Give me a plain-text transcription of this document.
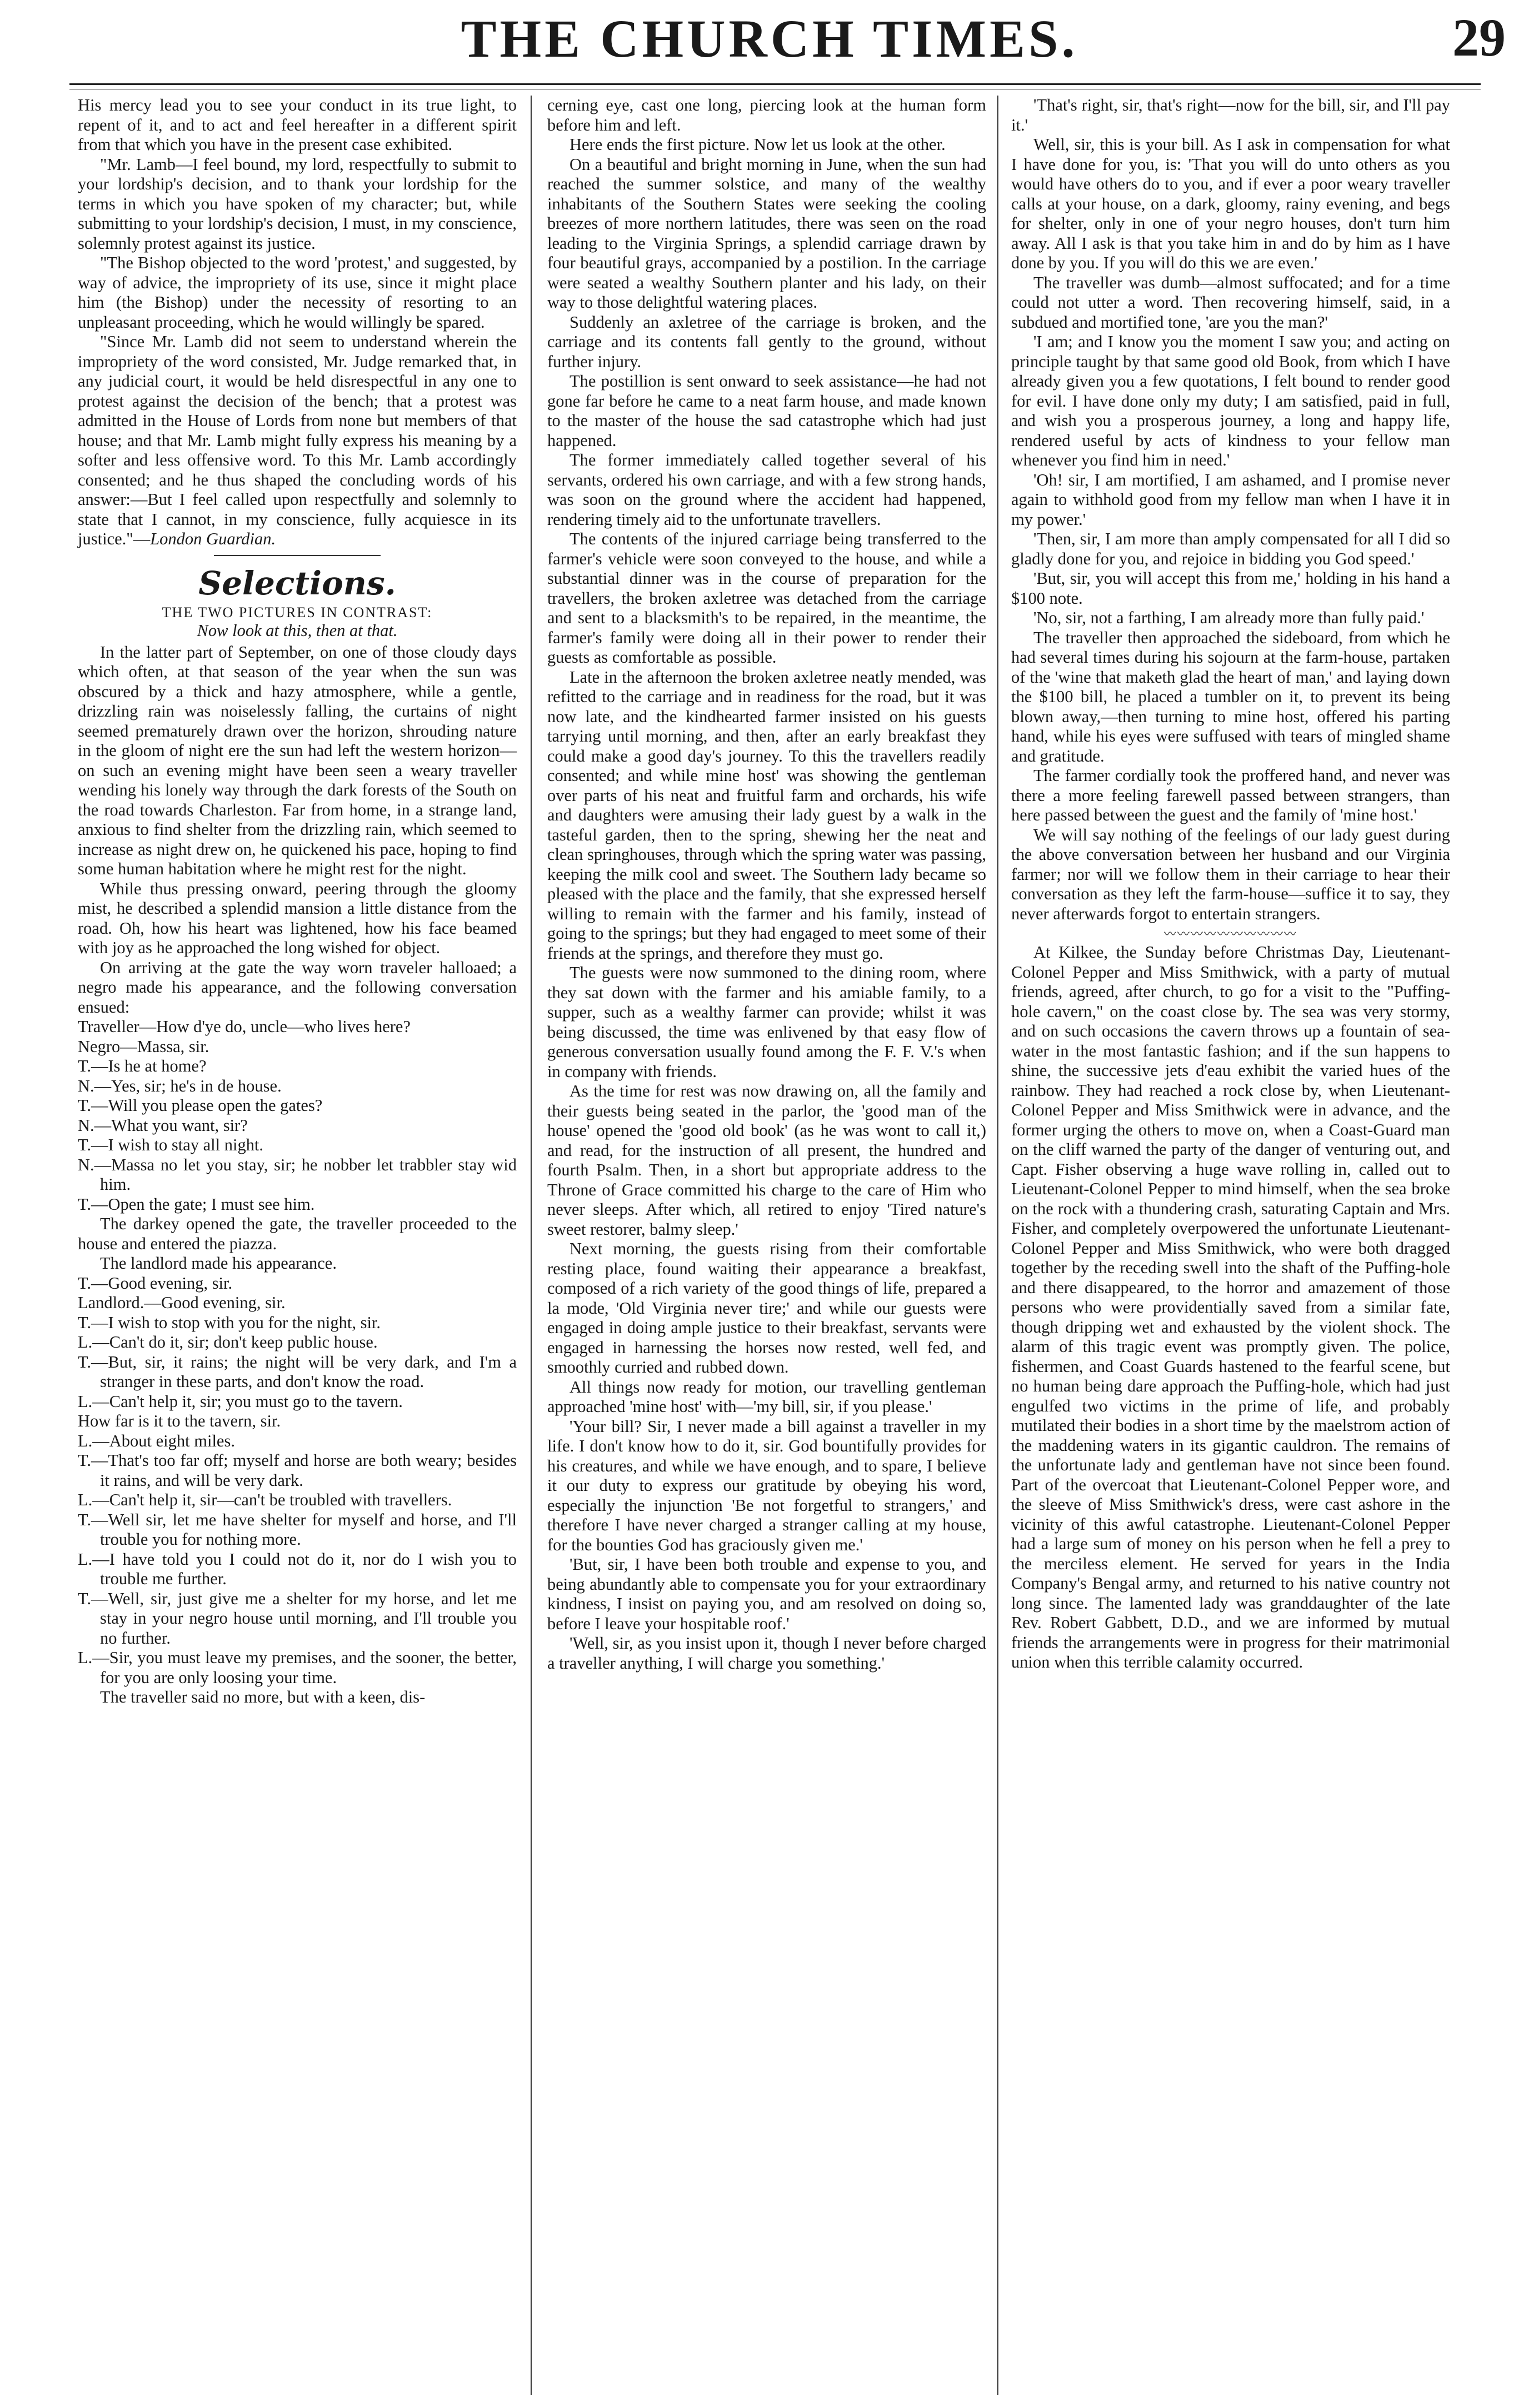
THE CHURCH TIMES.	29

His mercy lead you to see your conduct in its true light, to repent of it, and to act and feel hereafter in a different spirit from that which you have in the present case exhibited.

"Mr. Lamb—I feel bound, my lord, respectfully to submit to your lordship's decision, and to thank your lordship for the terms in which you have spoken of my character; but, while submitting to your lordship's decision, I must, in my conscience, solemnly protest against its justice.

"The Bishop objected to the word 'protest,' and suggested, by way of advice, the impropriety of its use, since it might place him (the Bishop) under the necessity of resorting to an unpleasant proceeding, which he would willingly be spared.

"Since Mr. Lamb did not seem to understand wherein the impropriety of the word consisted, Mr. Judge remarked that, in any judicial court, it would be held disrespectful in any one to protest against the decision of the bench; that a protest was admitted in the House of Lords from none but members of that house; and that Mr. Lamb might fully express his meaning by a softer and less offensive word. To this Mr. Lamb accordingly consented; and he thus shaped the concluding words of his answer:—But I feel called upon respectfully and solemnly to state that I cannot, in my conscience, fully acquiesce in its justice."—London Guardian.

Selections.
THE TWO PICTURES IN CONTRAST:
Now look at this, then at that.

In the latter part of September, on one of those cloudy days which often, at that season of the year when the sun was obscured by a thick and hazy atmosphere, while a gentle, drizzling rain was noiselessly falling, the curtains of night seemed prematurely drawn over the horizon, shrouding nature in the gloom of night ere the sun had left the western horizon—on such an evening might have been seen a weary traveller wending his lonely way through the dark forests of the South on the road towards Charleston. Far from home, in a strange land, anxious to find shelter from the drizzling rain, which seemed to increase as night drew on, he quickened his pace, hoping to find some human habitation where he might rest for the night.

While thus pressing onward, peering through the gloomy mist, he described a splendid mansion a little distance from the road. Oh, how his heart was lightened, how his face beamed with joy as he approached the long wished for object.

On arriving at the gate the way worn traveler halloaed; a negro made his appearance, and the following conversation ensued:

Traveller—How d'ye do, uncle—who lives here?

Negro—Massa, sir.

T.—Is he at home?

N.—Yes, sir; he's in de house.

T.—Will you please open the gates?

N.—What you want, sir?

T.—I wish to stay all night.

N.—Massa no let you stay, sir; he nobber let trabbler stay wid him.

T.—Open the gate; I must see him.

The darkey opened the gate, the traveller proceeded to the house and entered the piazza.

The landlord made his appearance.

T.—Good evening, sir.

Landlord.—Good evening, sir.

T.—I wish to stop with you for the night, sir.

L.—Can't do it, sir; don't keep public house.

T.—But, sir, it rains; the night will be very dark, and I'm a stranger in these parts, and don't know the road.

L.—Can't help it, sir; you must go to the tavern.

How far is it to the tavern, sir.

L.—About eight miles.

T.—That's too far off; myself and horse are both weary; besides it rains, and will be very dark.

L.—Can't help it, sir—can't be troubled with travellers.

T.—Well sir, let me have shelter for myself and horse, and I'll trouble you for nothing more.

L.—I have told you I could not do it, nor do I wish you to trouble me further.

T.—Well, sir, just give me a shelter for my horse, and let me stay in your negro house until morning, and I'll trouble you no further.

L.—Sir, you must leave my premises, and the sooner, the better, for you are only loosing your time.

The traveller said no more, but with a keen, dis-

cerning eye, cast one long, piercing look at the human form before him and left.

Here ends the first picture. Now let us look at the other.

On a beautiful and bright morning in June, when the sun had reached the summer solstice, and many of the wealthy inhabitants of the Southern States were seeking the cooling breezes of more northern latitudes, there was seen on the road leading to the Virginia Springs, a splendid carriage drawn by four beautiful grays, accompanied by a postilion. In the carriage were seated a wealthy Southern planter and his lady, on their way to those delightful watering places.

Suddenly an axletree of the carriage is broken, and the carriage and its contents fall gently to the ground, without further injury.

The postillion is sent onward to seek assistance—he had not gone far before he came to a neat farm house, and made known to the master of the house the sad catastrophe which had just happened.

The former immediately called together several of his servants, ordered his own carriage, and with a few strong hands, was soon on the ground where the accident had happened, rendering timely aid to the unfortunate travellers.

The contents of the injured carriage being transferred to the farmer's vehicle were soon conveyed to the house, and while a substantial dinner was in the course of preparation for the travellers, the broken axletree was detached from the carriage and sent to a blacksmith's to be repaired, in the meantime, the farmer's family were doing all in their power to render their guests as comfortable as possible.

Late in the afternoon the broken axletree neatly mended, was refitted to the carriage and in readiness for the road, but it was now late, and the kindhearted farmer insisted on his guests tarrying until morning, and then, after an early breakfast they could make a good day's journey. To this the travellers readily consented; and while mine host' was showing the gentleman over parts of his neat and fruitful farm and orchards, his wife and daughters were amusing their lady guest by a walk in the tasteful garden, then to the spring, shewing her the neat and clean springhouses, through which the spring water was passing, keeping the milk cool and sweet. The Southern lady became so pleased with the place and the family, that she expressed herself willing to remain with the farmer and his family, instead of going to the springs; but they had engaged to meet some of their friends at the springs, and therefore they must go.

The guests were now summoned to the dining room, where they sat down with the farmer and his amiable family, to a supper, such as a wealthy farmer can provide; whilst it was being discussed, the time was enlivened by that easy flow of generous conversation usually found among the F. F. V.'s when in company with friends.

As the time for rest was now drawing on, all the family and their guests being seated in the parlor, the 'good man of the house' opened the 'good old book' (as he was wont to call it,) and read, for the instruction of all present, the hundred and fourth Psalm. Then, in a short but appropriate address to the Throne of Grace committed his charge to the care of Him who never sleeps. After which, all retired to enjoy 'Tired nature's sweet restorer, balmy sleep.'

Next morning, the guests rising from their comfortable resting place, found waiting their appearance a breakfast, composed of a rich variety of the good things of life, prepared a la mode, 'Old Virginia never tire;' and while our guests were engaged in doing ample justice to their breakfast, servants were engaged in harnessing the horses now rested, well fed, and smoothly curried and rubbed down.

All things now ready for motion, our travelling gentleman approached 'mine host' with—'my bill, sir, if you please.'

'Your bill? Sir, I never made a bill against a traveller in my life. I don't know how to do it, sir. God bountifully provides for his creatures, and while we have enough, and to spare, I believe it our duty to express our gratitude by obeying his word, especially the injunction 'Be not forgetful to strangers,' and therefore I have never charged a stranger calling at my house, for the bounties God has graciously given me.'

'But, sir, I have been both trouble and expense to you, and being abundantly able to compensate you for your extraordinary kindness, I insist on paying you, and am resolved on doing so, before I leave your hospitable roof.'

'Well, sir, as you insist upon it, though I never before charged a traveller anything, I will charge you something.'

'That's right, sir, that's right—now for the bill, sir, and I'll pay it.'

Well, sir, this is your bill. As I ask in compensation for what I have done for you, is: 'That you will do unto others as you would have others do to you, and if ever a poor weary traveller calls at your house, on a dark, gloomy, rainy evening, and begs for shelter, only in one of your negro houses, don't turn him away. All I ask is that you take him in and do by him as I have done by you. If you will do this we are even.'

The traveller was dumb—almost suffocated; and for a time could not utter a word. Then recovering himself, said, in a subdued and mortified tone, 'are you the man?'

'I am; and I know you the moment I saw you; and acting on principle taught by that same good old Book, from which I have already given you a few quotations, I felt bound to render good for evil. I have done only my duty; I am satisfied, paid in full, and wish you a prosperous journey, a long and happy life, rendered useful by acts of kindness to your fellow man whenever you find him in need.'

'Oh! sir, I am mortified, I am ashamed, and I promise never again to withhold good from my fellow man when I have it in my power.'

'Then, sir, I am more than amply compensated for all I did so gladly done for you, and rejoice in bidding you God speed.'

'But, sir, you will accept this from me,' holding in his hand a $100 note.

'No, sir, not a farthing, I am already more than fully paid.'

The traveller then approached the sideboard, from which he had several times during his sojourn at the farm-house, partaken of the 'wine that maketh glad the heart of man,' and laying down the $100 bill, he placed a tumbler on it, to prevent its being blown away,—then turning to mine host, offered his parting hand, while his eyes were suffused with tears of mingled shame and gratitude.

The farmer cordially took the proffered hand, and never was there a more feeling farewell passed between strangers, than here passed between the guest and the family of 'mine host.'

We will say nothing of the feelings of our lady guest during the above conversation between her husband and our Virginia farmer; nor will we follow them in their carriage to hear their conversation as they left the farm-house—suffice it to say, they never afterwards forgot to entertain strangers.

〰〰〰〰〰〰〰〰〰〰

At Kilkee, the Sunday before Christmas Day, Lieutenant-Colonel Pepper and Miss Smithwick, with a party of mutual friends, agreed, after church, to go for a visit to the "Puffing-hole cavern," on the coast close by. The sea was very stormy, and on such occasions the cavern throws up a fountain of sea-water in the most fantastic fashion; and if the sun happens to shine, the successive jets d'eau exhibit the varied hues of the rainbow. They had reached a rock close by, when Lieutenant-Colonel Pepper and Miss Smithwick were in advance, and the former urging the others to move on, when a Coast-Guard man on the cliff warned the party of the danger of venturing out, and Capt. Fisher observing a huge wave rolling in, called out to Lieutenant-Colonel Pepper to mind himself, when the sea broke on the rock with a thundering crash, saturating Captain and Mrs. Fisher, and completely overpowered the unfortunate Lieutenant-Colonel Pepper and Miss Smithwick, who were both dragged together by the receding swell into the shaft of the Puffing-hole and there disappeared, to the horror and amazement of those persons who were providentially saved from a similar fate, though dripping wet and exhausted by the violent shock. The alarm of this tragic event was promptly given. The police, fishermen, and Coast Guards hastened to the fearful scene, but no human being dare approach the Puffing-hole, which had just engulfed two victims in the prime of life, and probably mutilated their bodies in a short time by the maelstrom action of the maddening waters in its gigantic cauldron. The remains of the unfortunate lady and gentleman have not since been found. Part of the overcoat that Lieutenant-Colonel Pepper wore, and the sleeve of Miss Smithwick's dress, were cast ashore in the vicinity of this awful catastrophe. Lieutenant-Colonel Pepper had a large sum of money on his person when he fell a prey to the merciless element. He served for years in the India Company's Bengal army, and returned to his native country not long since. The lamented lady was granddaughter of the late Rev. Robert Gabbett, D.D., and we are informed by mutual friends the arrangements were in progress for their matrimonial union when this terrible calamity occurred.
